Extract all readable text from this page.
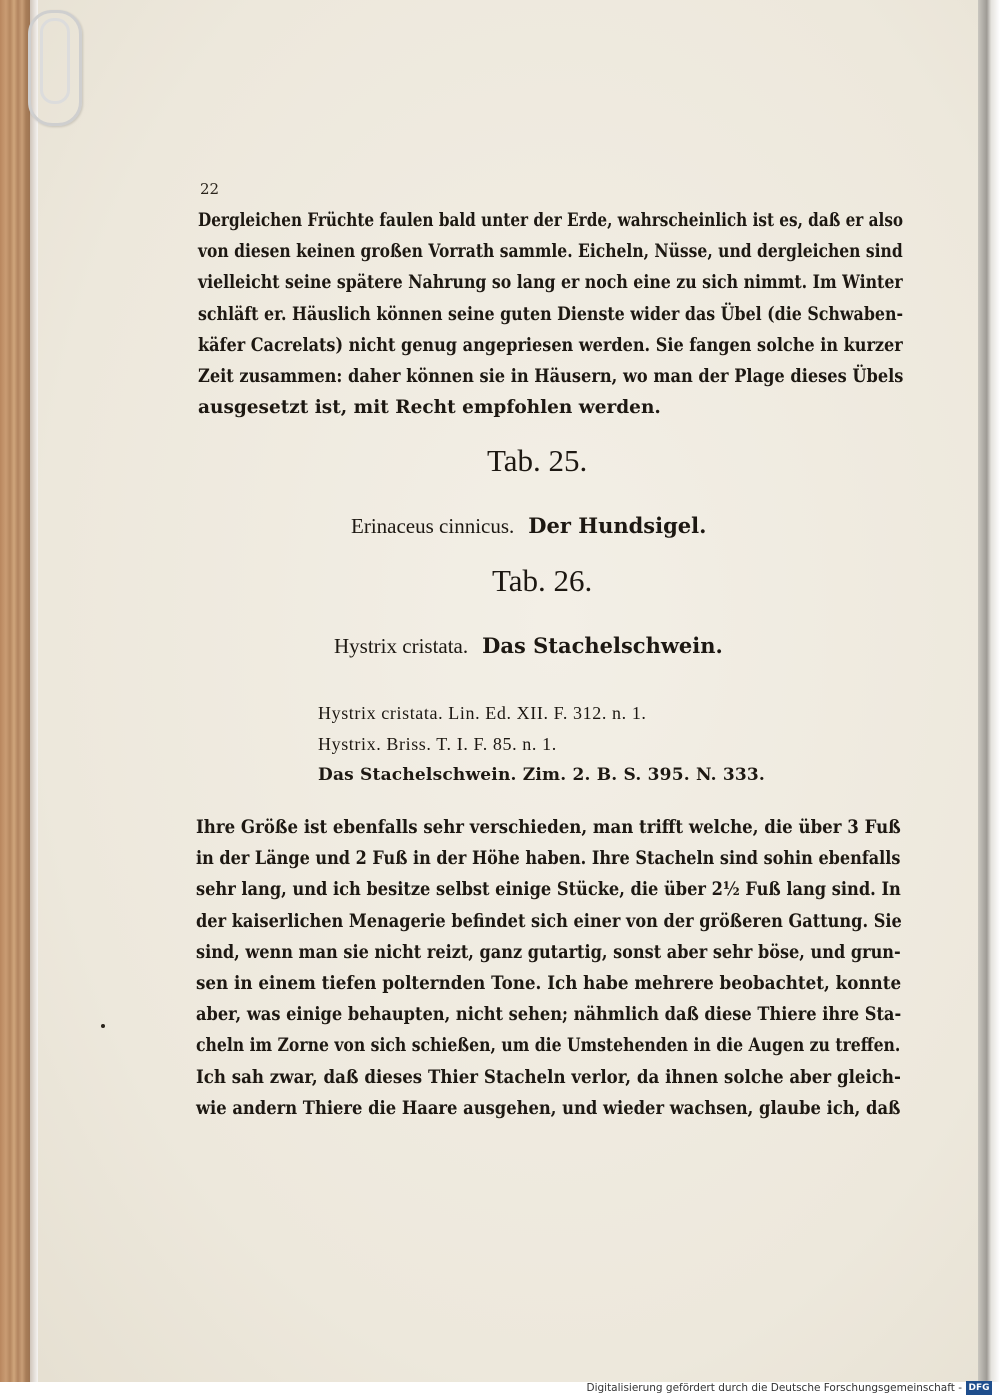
22
Dergleichen Früchte faulen bald unter der Erde, wahrscheinlich ist es, daß er also
von diesen keinen großen Vorrath sammle. Eicheln, Nüsse, und dergleichen sind
vielleicht seine spätere Nahrung so lang er noch eine zu sich nimmt. Im Winter
schläft er. Häuslich können seine guten Dienste wider das Übel (die Schwaben-
käfer Cacrelats) nicht genug angepriesen werden. Sie fangen solche in kurzer
Zeit zusammen: daher können sie in Häusern, wo man der Plage dieses Übels
ausgesetzt ist, mit Recht empfohlen werden.
Tab. 25.
Erinaceus cinnicus. Der Hundsigel.
Tab. 26.
Hystrix cristata. Das Stachelschwein.
Hystrix cristata. Lin. Ed. XII. F. 312. n. 1.
Hystrix. Briss. T. I. F. 85. n. 1.
Das Stachelschwein. Zim. 2. B. S. 395. N. 333.
Ihre Größe ist ebenfalls sehr verschieden, man trifft welche, die über 3 Fuß
in der Länge und 2 Fuß in der Höhe haben. Ihre Stacheln sind sohin ebenfalls
sehr lang, und ich besitze selbst einige Stücke, die über 2½ Fuß lang sind. In
der kaiserlichen Menagerie befindet sich einer von der größeren Gattung. Sie
sind, wenn man sie nicht reizt, ganz gutartig, sonst aber sehr böse, und grun-
sen in einem tiefen polternden Tone. Ich habe mehrere beobachtet, konnte
aber, was einige behaupten, nicht sehen; nähmlich daß diese Thiere ihre Sta-
cheln im Zorne von sich schießen, um die Umstehenden in die Augen zu treffen.
Ich sah zwar, daß dieses Thier Stacheln verlor, da ihnen solche aber gleich-
wie andern Thiere die Haare ausgehen, und wieder wachsen, glaube ich, daß
Digitalisierung gefördert durch die Deutsche Forschungsgemeinschaft - DFG
